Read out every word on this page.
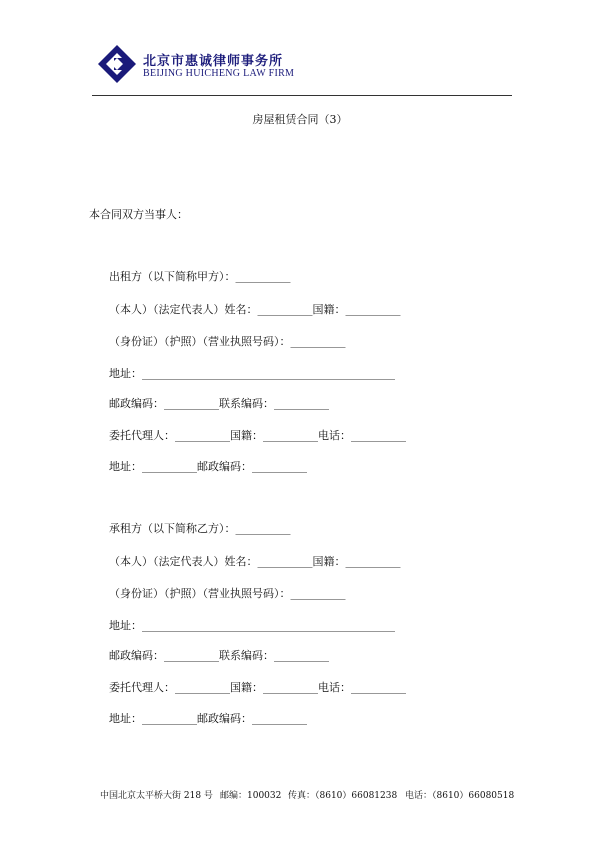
北京市惠诚律师事务所
BEIJING HUICHENG LAW FIRM
房屋租赁合同（3）
本合同双方当事人：
出租方（以下简称甲方）：__________
（本人）（法定代表人）姓名：__________国籍：__________
（身份证）（护照）（营业执照号码）：__________
地址：______________________________________________
邮政编码：__________联系编码：__________
委托代理人：__________国籍：__________电话：__________
地址：__________邮政编码：__________
承租方（以下简称乙方）：__________
（本人）（法定代表人）姓名：__________国籍：__________
（身份证）（护照）（营业执照号码）：__________
地址：______________________________________________
邮政编码：__________联系编码：__________
委托代理人：__________国籍：__________电话：__________
地址：__________邮政编码：__________
中国北京太平桥大街 218 号 邮编：100032 传真：（8610）66081238 电话：（8610）66080518
